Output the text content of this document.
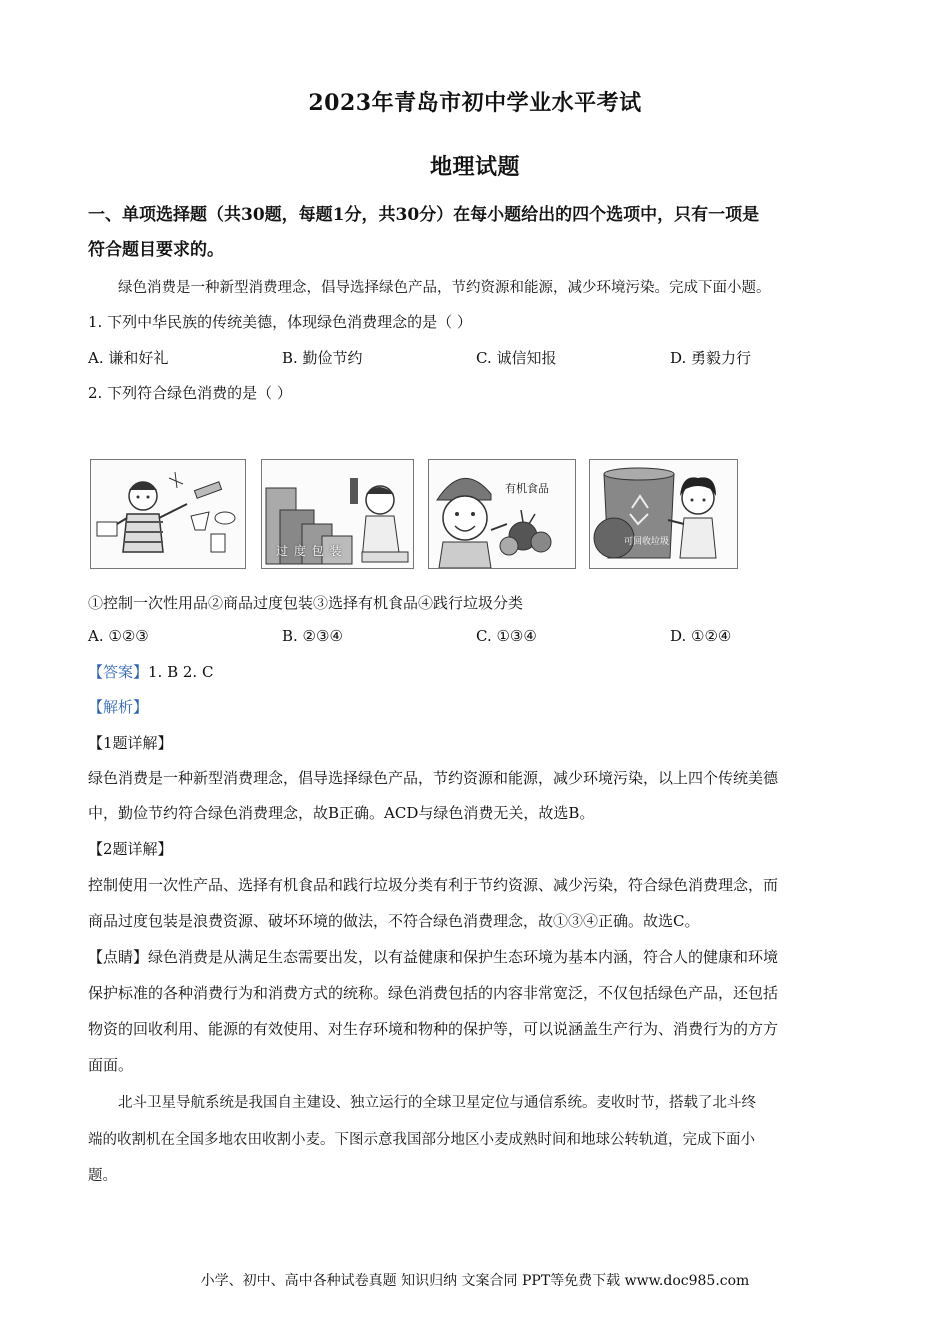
2023年青岛市初中学业水平考试
地理试题
一、单项选择题（共30题，每题1分，共30分）在每小题给出的四个选项中，只有一项是
符合题目要求的。
绿色消费是一种新型消费理念，倡导选择绿色产品，节约资源和能源，减少环境污染。完成下面小题。
1. 下列中华民族的传统美德，体现绿色消费理念的是（ ）
A. 谦和好礼	B. 勤俭节约	C. 诚信知报	D. 勇毅力行
2. 下列符合绿色消费的是（ ）
过 度 包 装
有机食品
可回收垃圾
①控制一次性用品②商品过度包装③选择有机食品④践行垃圾分类
A. ①②③	B. ②③④	C. ①③④	D. ①②④
【答案】1. B 2. C
【解析】
【1题详解】
绿色消费是一种新型消费理念，倡导选择绿色产品，节约资源和能源，减少环境污染，以上四个传统美德
中，勤俭节约符合绿色消费理念，故B正确。ACD与绿色消费无关，故选B。
【2题详解】
控制使用一次性产品、选择有机食品和践行垃圾分类有利于节约资源、减少污染，符合绿色消费理念，而
商品过度包装是浪费资源、破坏环境的做法，不符合绿色消费理念，故①③④正确。故选C。
【点睛】绿色消费是从满足生态需要出发，以有益健康和保护生态环境为基本内涵，符合人的健康和环境
保护标准的各种消费行为和消费方式的统称。绿色消费包括的内容非常宽泛，不仅包括绿色产品，还包括
物资的回收利用、能源的有效使用、对生存环境和物种的保护等，可以说涵盖生产行为、消费行为的方方
面面。
北斗卫星导航系统是我国自主建设、独立运行的全球卫星定位与通信系统。麦收时节，搭载了北斗终
端的收割机在全国多地农田收割小麦。下图示意我国部分地区小麦成熟时间和地球公转轨道，完成下面小
题。
小学、初中、高中各种试卷真题 知识归纳 文案合同 PPT等免费下载 www.doc985.com
